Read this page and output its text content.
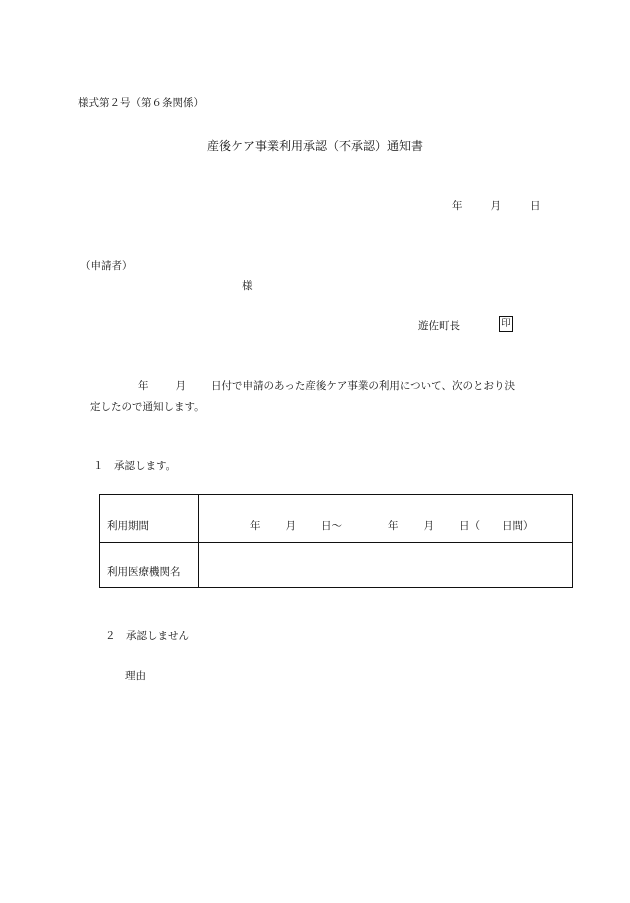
様式第２号（第６条関係）
産後ケア事業利用承認（不承認）通知書
年	月	日
（申請者）
様
遊佐町長	印
年	月 日付で申請のあった産後ケア事業の利用について、次のとおり決
定したので通知します。
１　承認します。
利用期間	年 月 日～ 年 月 日（ 日間）
利用医療機関名	
２　承認しません
理由
